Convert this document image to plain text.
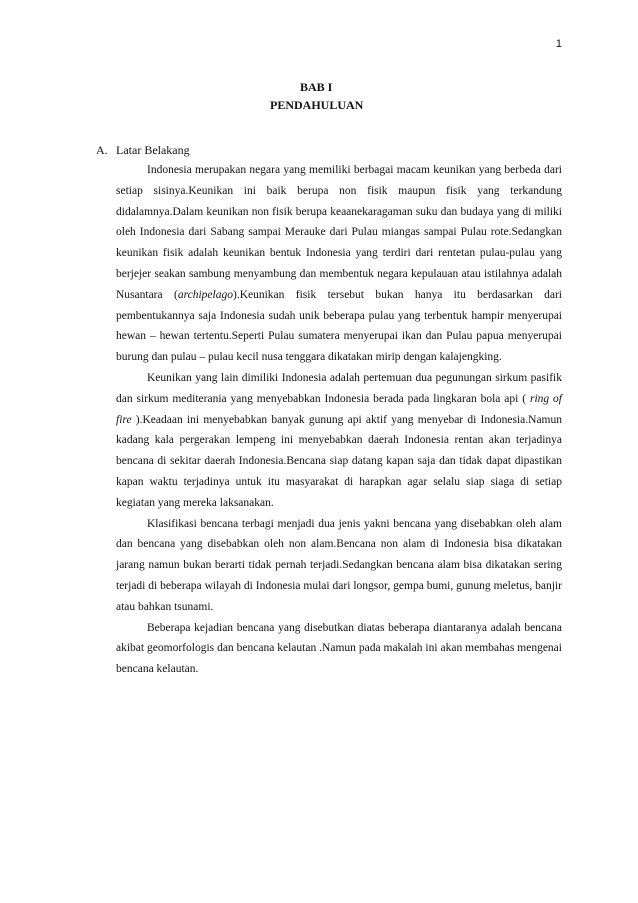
1
BAB I
PENDAHULUAN
A. Latar Belakang

Indonesia merupakan negara yang memiliki berbagai macam keunikan yang berbeda dari setiap sisinya.Keunikan ini baik berupa non fisik maupun fisik yang terkandung didalamnya.Dalam keunikan non fisik berupa keaanekaragaman suku dan budaya yang di miliki oleh Indonesia dari Sabang sampai Merauke dari Pulau miangas sampai Pulau rote.Sedangkan keunikan fisik adalah keunikan bentuk Indonesia yang terdiri dari rentetan pulau-pulau yang berjejer seakan sambung menyambung dan membentuk negara kepulauan atau istilahnya adalah Nusantara (archipelago).Keunikan fisik tersebut bukan hanya itu berdasarkan dari pembentukannya saja Indonesia sudah unik beberapa pulau yang terbentuk hampir menyerupai hewan – hewan tertentu.Seperti Pulau sumatera menyerupai ikan dan Pulau papua menyerupai burung dan pulau – pulau kecil nusa tenggara dikatakan mirip dengan kalajengking.

Keunikan yang lain dimiliki Indonesia adalah pertemuan dua pegunungan sirkum pasifik dan sirkum mediterania yang menyebabkan Indonesia berada pada lingkaran bola api ( ring of fire ).Keadaan ini menyebabkan banyak gunung api aktif yang menyebar di Indonesia.Namun kadang kala pergerakan lempeng ini menyebabkan daerah Indonesia rentan akan terjadinya bencana di sekitar daerah Indonesia.Bencana siap datang kapan saja dan tidak dapat dipastikan kapan waktu terjadinya untuk itu masyarakat di harapkan agar selalu siap siaga di setiap kegiatan yang mereka laksanakan.

Klasifikasi bencana terbagi menjadi dua jenis yakni bencana yang disebabkan oleh alam dan bencana yang disebabkan oleh non alam.Bencana non alam di Indonesia bisa dikatakan jarang namun bukan berarti tidak pernah terjadi.Sedangkan bencana alam bisa dikatakan sering terjadi di beberapa wilayah di Indonesia mulai dari longsor, gempa bumi, gunung meletus, banjir atau bahkan tsunami.

Beberapa kejadian bencana yang disebutkan diatas beberapa diantaranya adalah bencana akibat geomorfologis dan bencana kelautan .Namun pada makalah ini akan membahas mengenai bencana kelautan.
